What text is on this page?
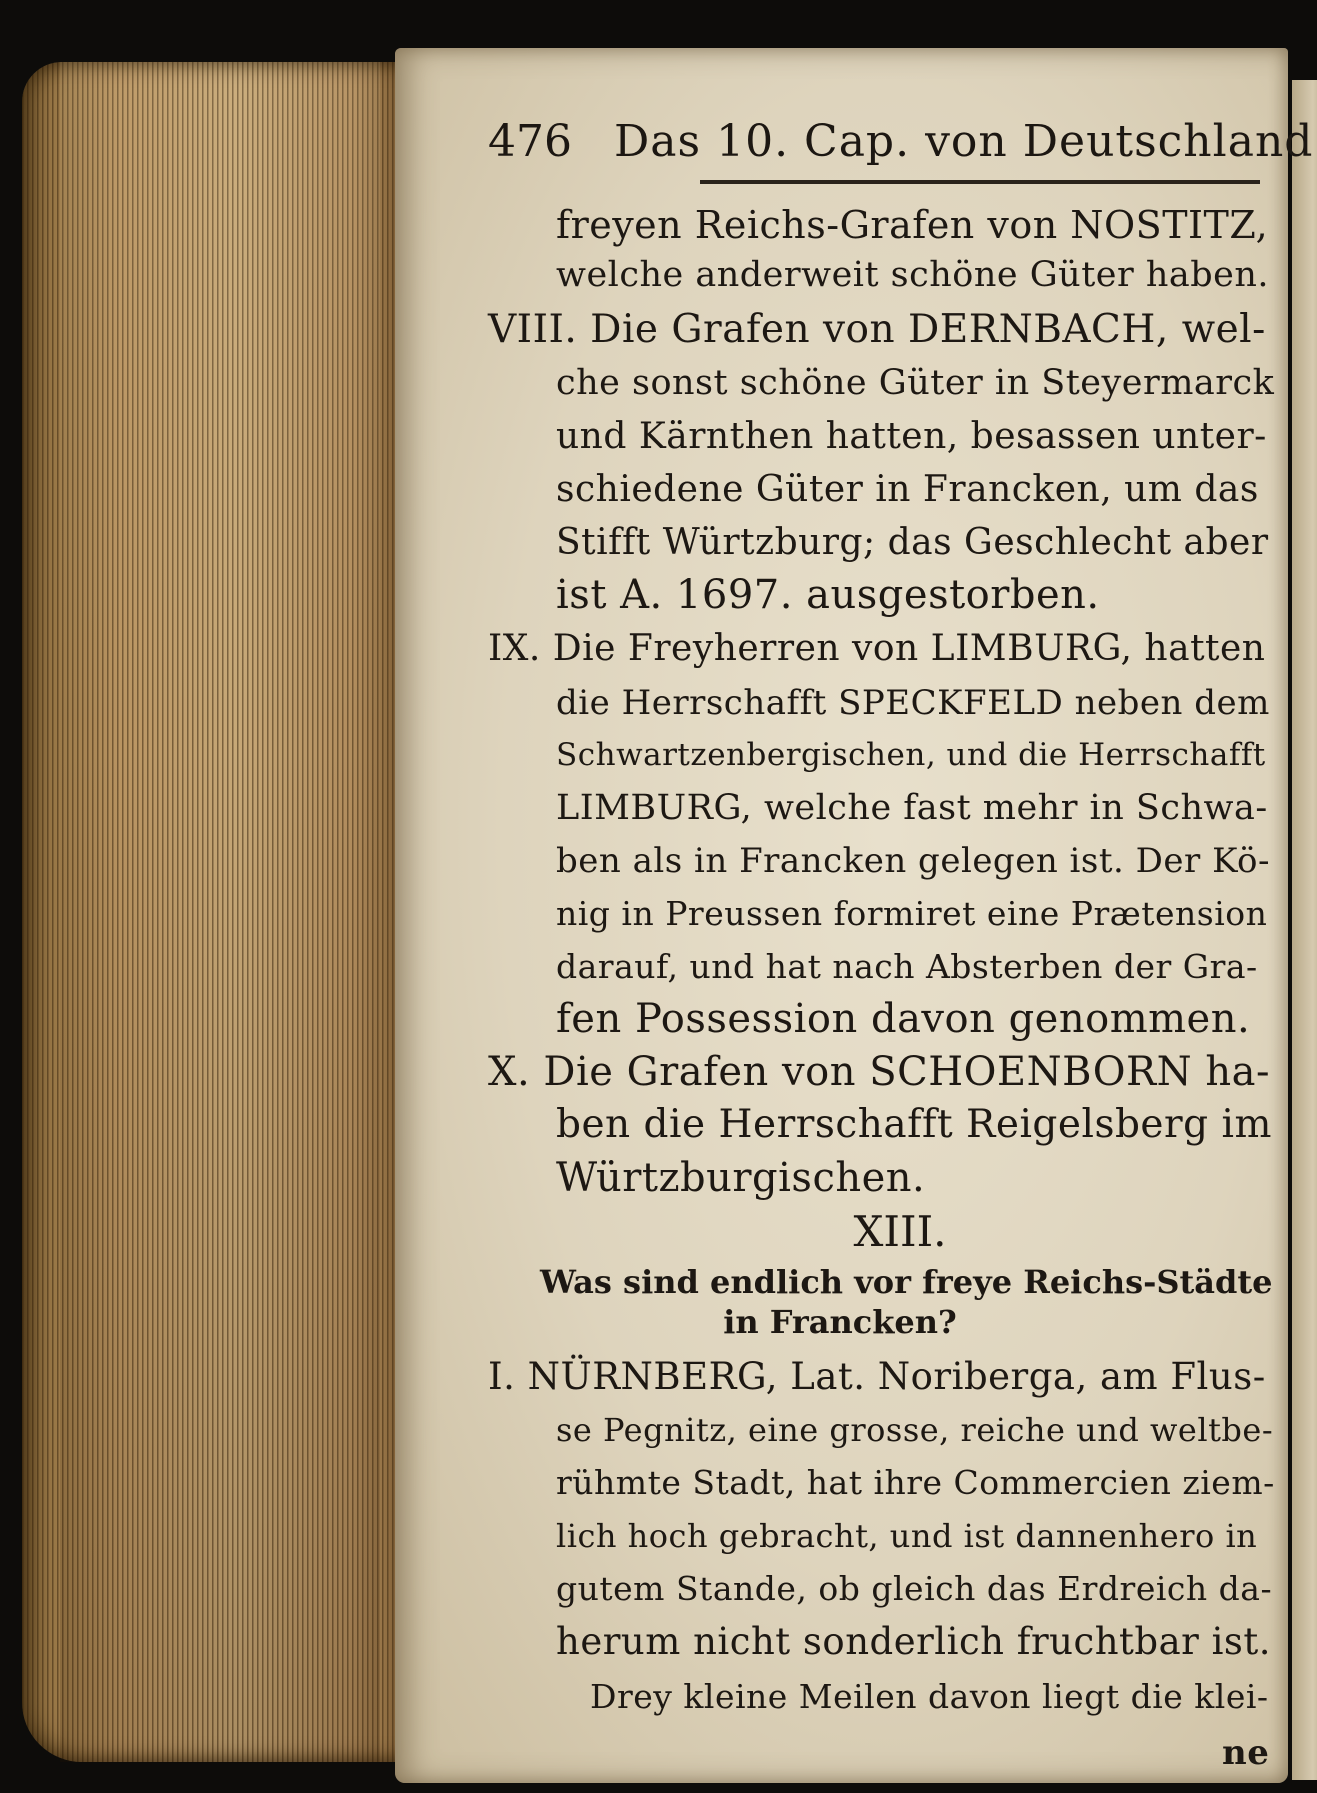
476 Das 10. Cap. von Deutschland
freyen Reichs-Grafen von NOSTITZ,
welche anderweit schöne Güter haben.
VIII. Die Grafen von DERNBACH, wel-
che sonst schöne Güter in Steyermarck
und Kärnthen hatten, besassen unter-
schiedene Güter in Francken, um das
Stifft Würtzburg; das Geschlecht aber
ist A. 1697. ausgestorben.
IX. Die Freyherren von LIMBURG, hatten
die Herrschafft SPECKFELD neben dem
Schwartzenbergischen, und die Herrschafft
LIMBURG, welche fast mehr in Schwa-
ben als in Francken gelegen ist. Der Kö-
nig in Preussen formiret eine Prætension
darauf, und hat nach Absterben der Gra-
fen Possession davon genommen.
X. Die Grafen von SCHOENBORN ha-
ben die Herrschafft Reigelsberg im
Würtzburgischen.
XIII.
Was sind endlich vor freye Reichs-Städte
in Francken?
I. NÜRNBERG, Lat. Noriberga, am Flus-
se Pegnitz, eine grosse, reiche und weltbe-
rühmte Stadt, hat ihre Commercien ziem-
lich hoch gebracht, und ist dannenhero in
gutem Stande, ob gleich das Erdreich da-
herum nicht sonderlich fruchtbar ist.
Drey kleine Meilen davon liegt die klei-
ne
